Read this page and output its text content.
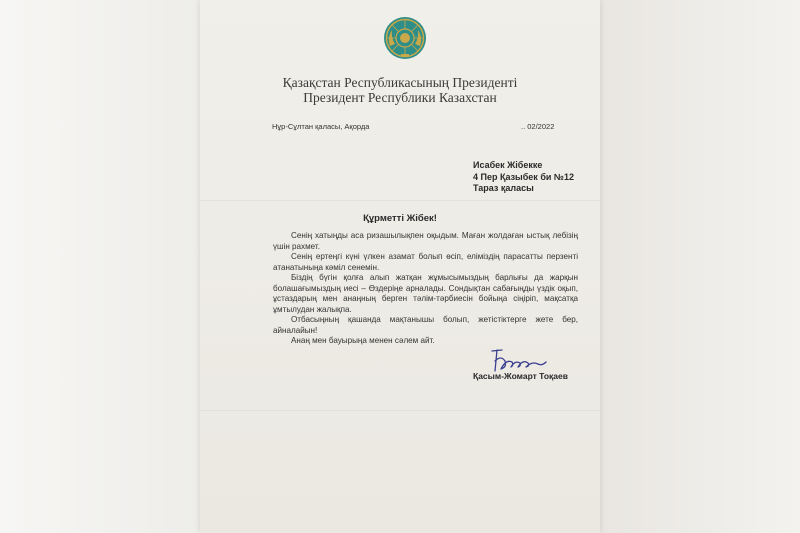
Қазақстан Республикасының Президенті
Президент Республики Казахстан
Нұр-Сұлтан қаласы, Ақорда	.. 02/2022
Исабек Жібекке
4 Пер Қазыбек би №12
Тараз қаласы
Құрметті Жібек!

Сенің хатыңды аса ризашылықпен оқыдым. Маған жолдаған ыстық лебізің үшін рахмет.

Сенің ертеңгі күні үлкен азамат болып өсіп, еліміздің парасатты перзенті атанатыныңа кәміл сенемін.

Біздің бүгін қолға алып жатқан жұмысымыздың барлығы да жарқын болашағымыздың иесі – Өздеріңе арналады. Сондықтан сабағыңды үздік оқып, ұстаздарың мен анаңның берген тәлім-тәрбиесін бойыңа сіңіріп, мақсатқа ұмтылудан жалықпа.

Отбасыңның қашанда мақтанышы болып, жетістіктерге жете бер, айналайын!

Анаң мен бауырыңа менен сәлем айт.

Қасым-Жомарт Тоқаев
